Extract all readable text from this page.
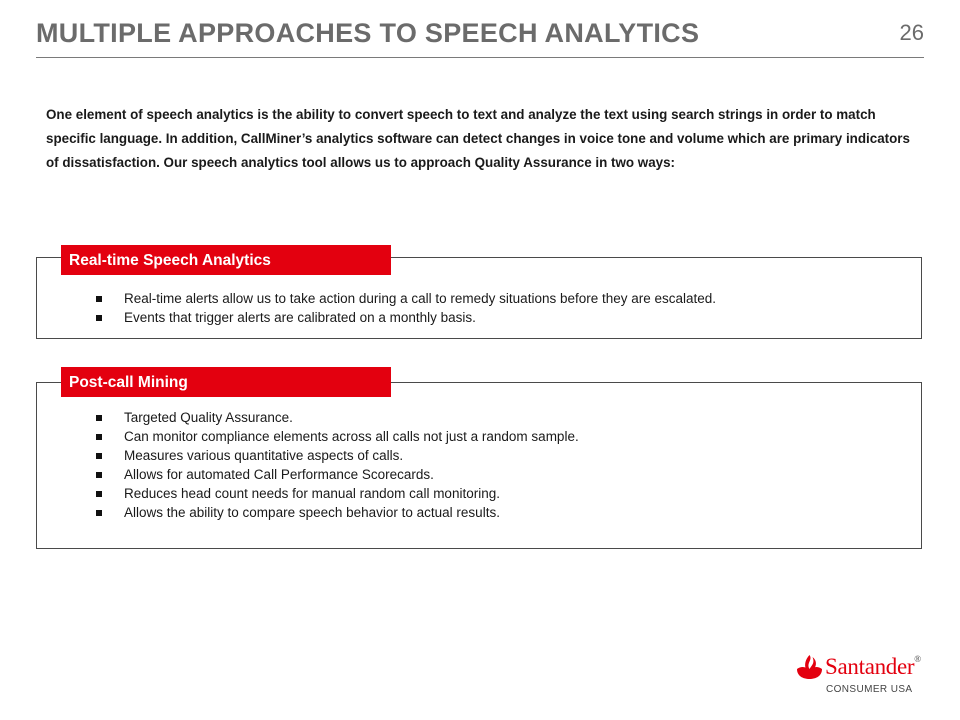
MULTIPLE APPROACHES TO SPEECH ANALYTICS	26
One element of speech analytics is the ability to convert speech to text and analyze the text using search strings in order to match specific language. In addition, CallMiner’s analytics software can detect changes in voice tone and volume which are primary indicators of dissatisfaction. Our speech analytics tool allows us to approach Quality Assurance in two ways:
Real-time Speech Analytics
Real-time alerts allow us to take action during a call to remedy situations before they are escalated.
Events that trigger alerts are calibrated on a monthly basis.
Post-call Mining
Targeted Quality Assurance.
Can monitor compliance elements across all calls not just a random sample.
Measures various quantitative aspects of calls.
Allows for automated Call Performance Scorecards.
Reduces head count needs for manual random call monitoring.
Allows the ability to compare speech behavior to actual results.
Santander®
CONSUMER USA
